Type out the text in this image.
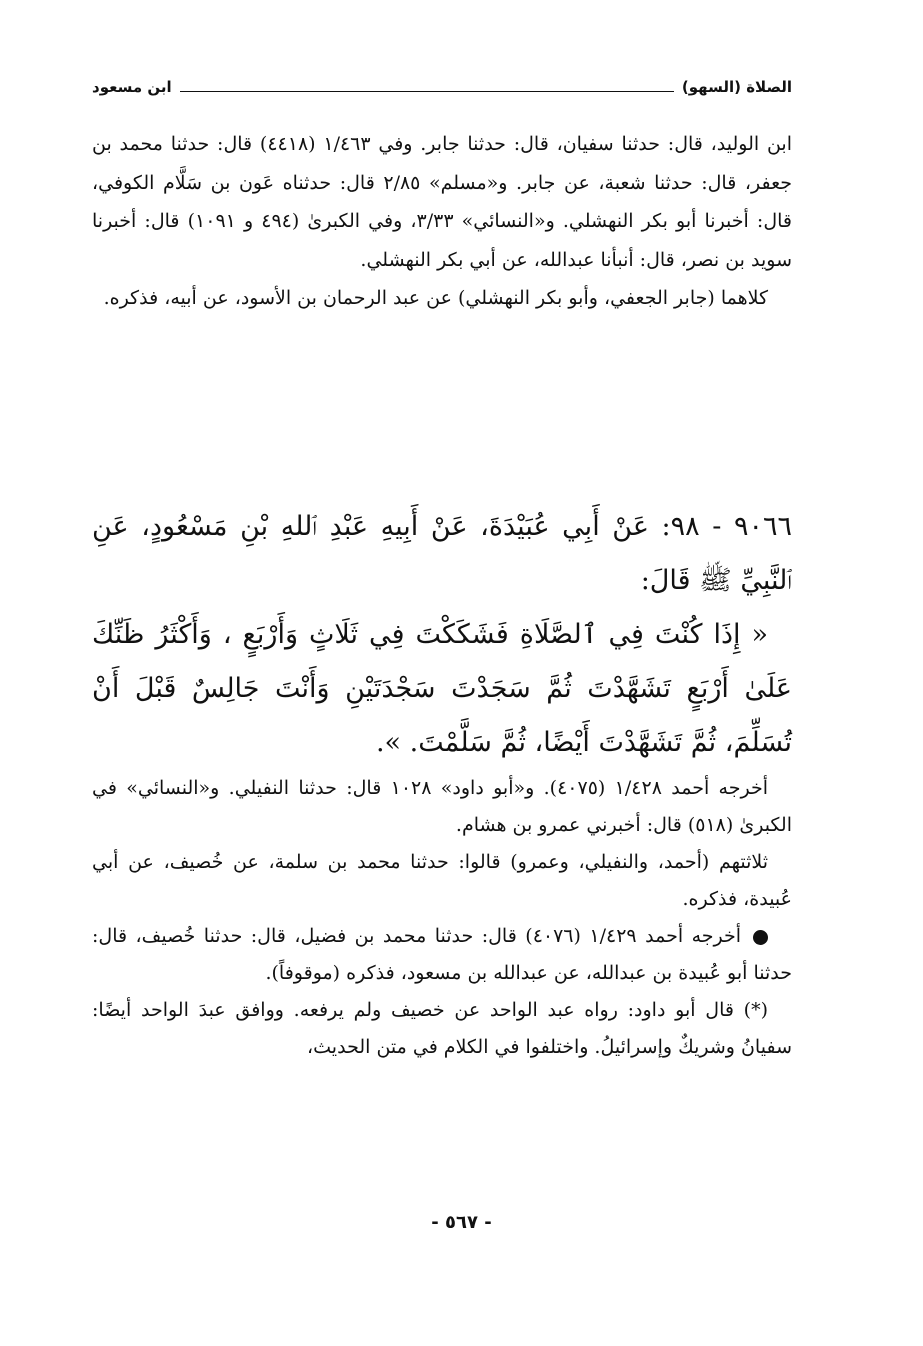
الصلاة (السهو)
ابن مسعود

ابن الوليد، قال: حدثنا سفيان، قال: حدثنا جابر. وفي ١/٤٦٣ (٤٤١٨) قال: حدثنا محمد بن جعفر، قال: حدثنا شعبة، عن جابر. و«مسلم» ٢/٨٥ قال: حدثناه عَون بن سَلَّام الكوفي، قال: أخبرنا أبو بكر النهشلي. و«النسائي» ٣/٣٣، وفي الكبرىٰ (٤٩٤ و ١٠٩١) قال: أخبرنا سويد بن نصر، قال: أنبأنا عبدالله، عن أبي بكر النهشلي.

كلاهما (جابر الجعفي، وأبو بكر النهشلي) عن عبد الرحمان بن الأسود، عن أبيه، فذكره.

٩٠٦٦ - ٩٨: عَنْ أَبِي عُبَيْدَةَ، عَنْ أَبِيهِ عَبْدِ ٱللهِ بْنِ مَسْعُودٍ، عَنِ ٱلنَّبِيِّ ﷺ قَالَ:

« إِذَا كُنْتَ فِي ٱلصَّلَاةِ فَشَكَكْتَ فِي ثَلَاثٍ وَأَرْبَعٍ ، وَأَكْثَرُ ظَنِّكَ عَلَىٰ أَرْبَعٍ تَشَهَّدْتَ ثُمَّ سَجَدْتَ سَجْدَتَيْنِ وَأَنْتَ جَالِسٌ قَبْلَ أَنْ تُسَلِّمَ، ثُمَّ تَشَهَّدْتَ أَيْضًا، ثُمَّ سَلَّمْتَ. ».

أخرجه أحمد ١/٤٢٨ (٤٠٧٥). و«أبو داود» ١٠٢٨ قال: حدثنا النفيلي. و«النسائي» في الكبرىٰ (٥١٨) قال: أخبرني عمرو بن هشام.

ثلاثتهم (أحمد، والنفيلي، وعمرو) قالوا: حدثنا محمد بن سلمة، عن خُصيف، عن أبي عُبيدة، فذكره.

أخرجه أحمد ١/٤٢٩ (٤٠٧٦) قال: حدثنا محمد بن فضيل، قال: حدثنا خُصيف، قال: حدثنا أبو عُبيدة بن عبدالله، عن عبدالله بن مسعود، فذكره (موقوفاً).

(*) قال أبو داود: رواه عبد الواحد عن خصيف ولم يرفعه. ووافق عبدَ الواحد أيضًا: سفيانُ وشريكٌ وإسرائيلُ. واختلفوا في الكلام في متن الحديث،

- ٥٦٧ -
